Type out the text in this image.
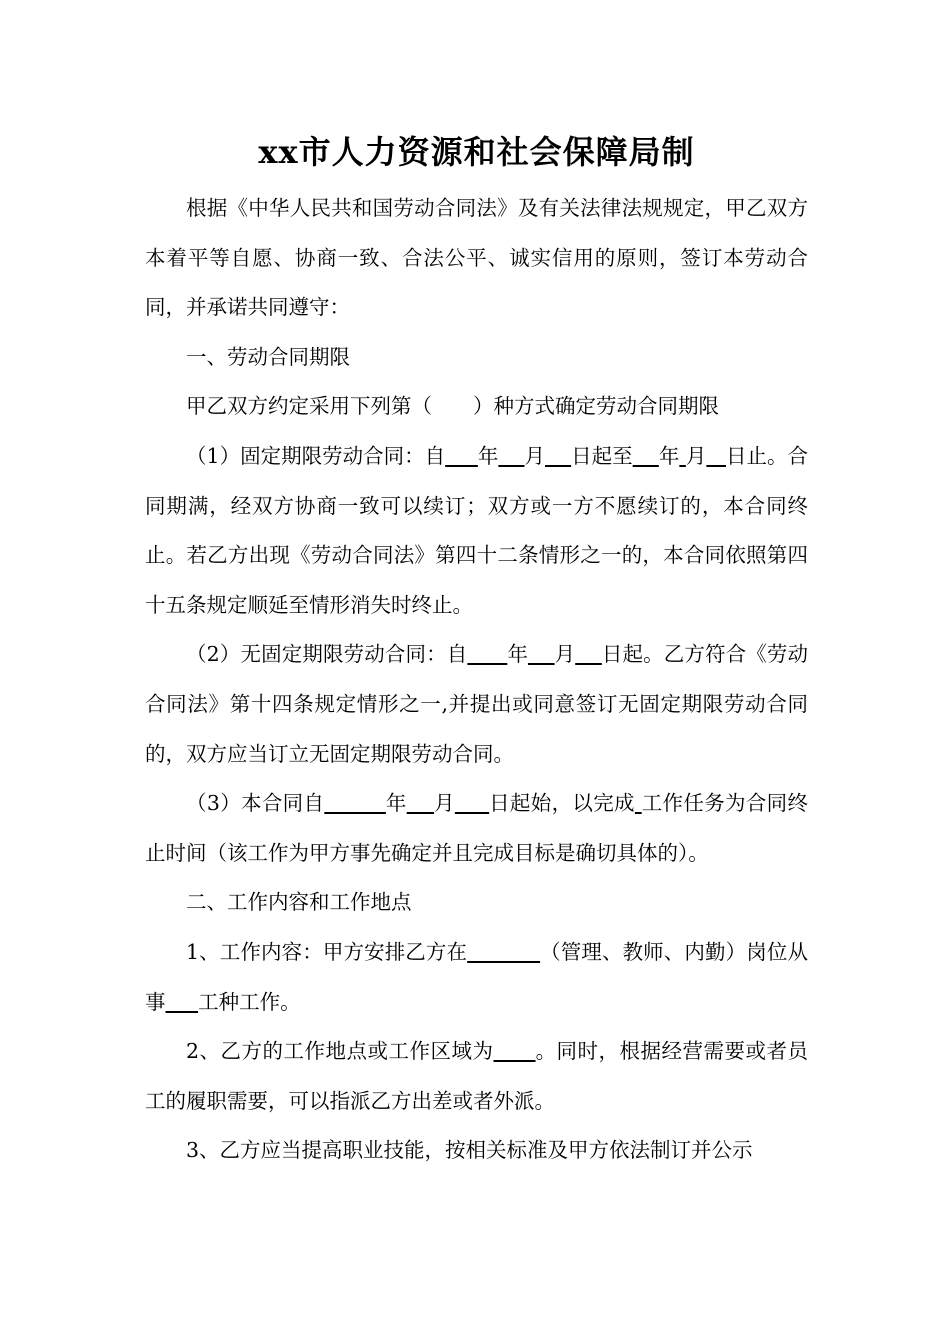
xx市人力资源和社会保障局制

根据《中华人民共和国劳动合同法》及有关法律法规规定，甲乙双方本着平等自愿、协商一致、合法公平、诚实信用的原则，签订本劳动合同，并承诺共同遵守：

一、劳动合同期限

甲乙双方约定采用下列第（　　）种方式确定劳动合同期限

（1）固定期限劳动合同：自 年 月 日起至 年 月 日止。合同期满，经双方协商一致可以续订；双方或一方不愿续订的，本合同终止。若乙方出现《劳动合同法》第四十二条情形之一的，本合同依照第四十五条规定顺延至情形消失时终止。

（2）无固定期限劳动合同：自 年 月 日起。乙方符合《劳动合同法》第十四条规定情形之一,并提出或同意签订无固定期限劳动合同的，双方应当订立无固定期限劳动合同。

（3）本合同自	年 月 日起始，以完成 工作任务为合同终止时间（该工作为甲方事先确定并且完成目标是确切具体的）。

二、工作内容和工作地点

1、工作内容：甲方安排乙方在	（管理、教师、内勤）岗位从事 工种工作。

2、乙方的工作地点或工作区域为 。同时，根据经营需要或者员工的履职需要，可以指派乙方出差或者外派。

3、乙方应当提高职业技能，按相关标准及甲方依法制订并公示
